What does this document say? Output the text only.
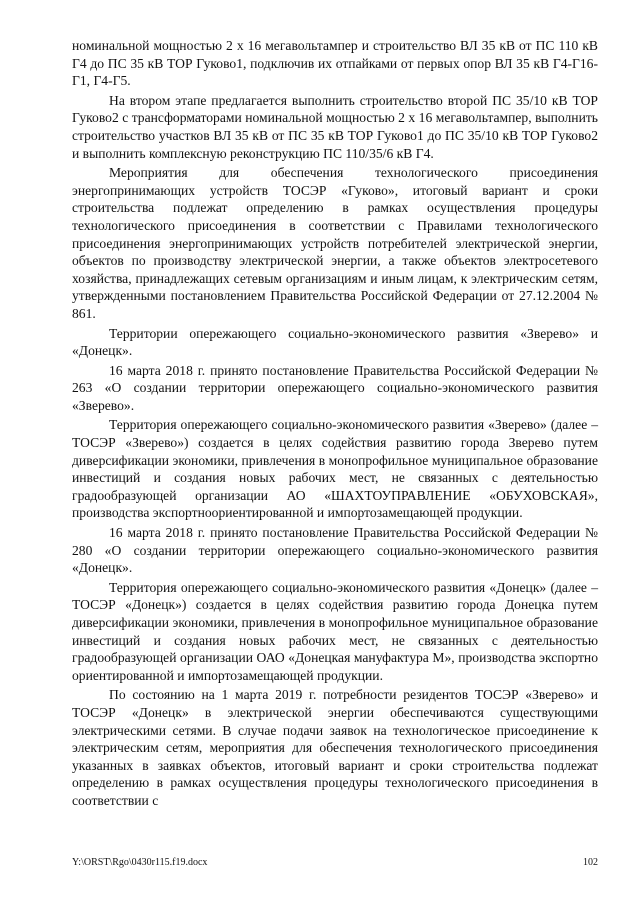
номинальной мощностью 2 х 16 мегавольтампер и строительство ВЛ 35 кВ от ПС 110 кВ Г4 до ПС 35 кВ ТОР Гуково1, подключив их отпайками от первых опор ВЛ 35 кВ Г4-Г16-Г1, Г4-Г5.

На втором этапе предлагается выполнить строительство второй ПС 35/10 кВ ТОР Гуково2 с трансформаторами номинальной мощностью 2 х 16 мегавольтампер, выполнить строительство участков ВЛ 35 кВ от ПС 35 кВ ТОР Гуково1 до ПС 35/10 кВ ТОР Гуково2 и выполнить комплексную реконструкцию ПС 110/35/6 кВ Г4.

Мероприятия для обеспечения технологического присоединения энергопринимающих устройств ТОСЭР «Гуково», итоговый вариант и сроки строительства подлежат определению в рамках осуществления процедуры технологического присоединения в соответствии с Правилами технологического присоединения энергопринимающих устройств потребителей электрической энергии, объектов по производству электрической энергии, а также объектов электросетевого хозяйства, принадлежащих сетевым организациям и иным лицам, к электрическим сетям, утвержденными постановлением Правительства Российской Федерации от 27.12.2004 № 861.

Территории опережающего социально-экономического развития «Зверево» и «Донецк».

16 марта 2018 г. принято постановление Правительства Российской Федерации № 263 «О создании территории опережающего социально-экономического развития «Зверево».

Территория опережающего социально-экономического развития «Зверево» (далее – ТОСЭР «Зверево») создается в целях содействия развитию города Зверево путем диверсификации экономики, привлечения в монопрофильное муниципальное образование инвестиций и создания новых рабочих мест, не связанных с деятельностью градообразующей организации АО «ШАХТОУПРАВЛЕНИЕ «ОБУХОВСКАЯ», производства экспортноориентированной и импортозамещающей продукции.

16 марта 2018 г. принято постановление Правительства Российской Федерации № 280 «О создании территории опережающего социально-экономического развития «Донецк».

Территория опережающего социально-экономического развития «Донецк» (далее – ТОСЭР «Донецк») создается в целях содействия развитию города Донецка путем диверсификации экономики, привлечения в монопрофильное муниципальное образование инвестиций и создания новых рабочих мест, не связанных с деятельностью градообразующей организации ОАО «Донецкая мануфактура М», производства экспортно ориентированной и импортозамещающей продукции.

По состоянию на 1 марта 2019 г. потребности резидентов ТОСЭР «Зверево» и ТОСЭР «Донецк» в электрической энергии обеспечиваются существующими электрическими сетями. В случае подачи заявок на технологическое присоединение к электрическим сетям, мероприятия для обеспечения технологического присоединения указанных в заявках объектов, итоговый вариант и сроки строительства подлежат определению в рамках осуществления процедуры технологического присоединения в соответствии с

Y:\ORST\Rgo\0430r115.f19.docx	102
